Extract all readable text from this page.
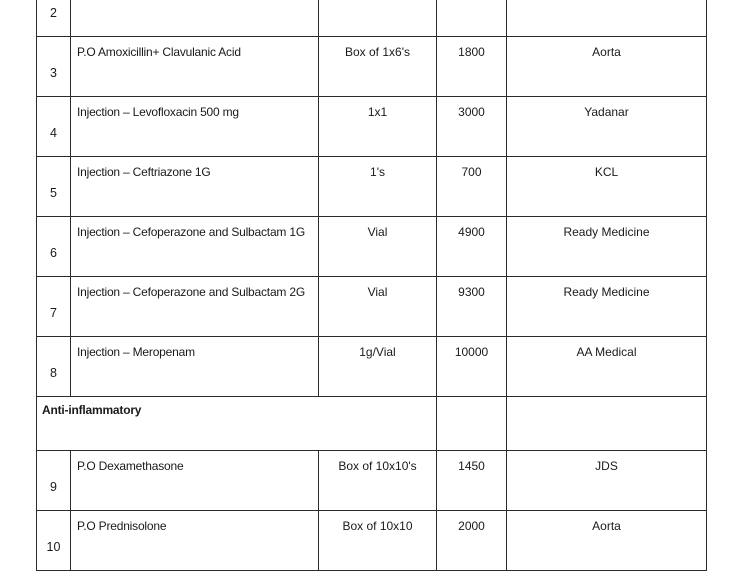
2				
3	P.O Amoxicillin+ Clavulanic Acid	Box of 1x6's	1800	Aorta
4	Injection – Levofloxacin 500 mg	1x1	3000	Yadanar
5	Injection – Ceftriazone 1G	1's	700	KCL
6	Injection – Cefoperazone and Sulbactam 1G	Vial	4900	Ready Medicine
7	Injection – Cefoperazone and Sulbactam 2G	Vial	9300	Ready Medicine
8	Injection – Meropenam	1g/Vial	10000	AA Medical
Anti-inflammatory				
9	P.O Dexamethasone	Box of 10x10's	1450	JDS
10	P.O Prednisolone	Box of 10x10	2000	Aorta
